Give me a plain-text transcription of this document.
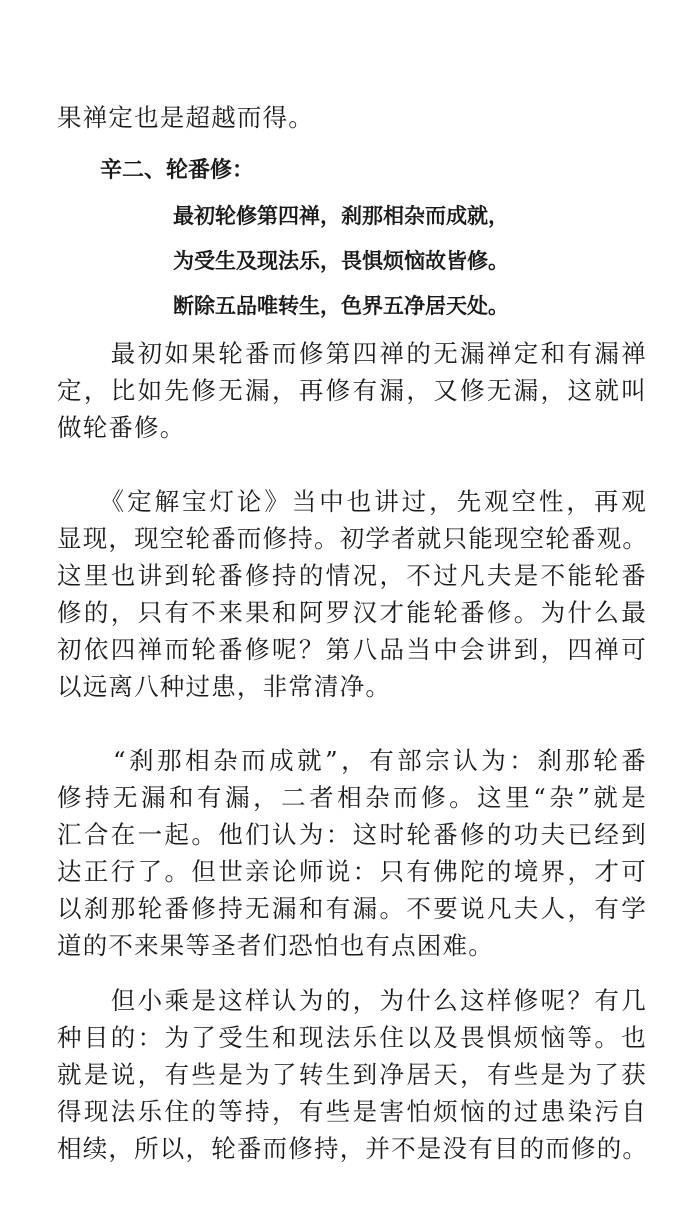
果禅定也是超越而得。
辛二、轮番修：
最初轮修第四禅，刹那相杂而成就，
为受生及现法乐，畏惧烦恼故皆修。
断除五品唯转生，色界五净居天处。
　　最初如果轮番而修第四禅的无漏禅定和有漏禅
定，比如先修无漏，再修有漏，又修无漏，这就叫
做轮番修。
　　《定解宝灯论》当中也讲过，先观空性，再观
显现，现空轮番而修持。初学者就只能现空轮番观。
这里也讲到轮番修持的情况，不过凡夫是不能轮番
修的，只有不来果和阿罗汉才能轮番修。为什么最
初依四禅而轮番修呢？第八品当中会讲到，四禅可
以远离八种过患，非常清净。
　　“刹那相杂而成就”，有部宗认为：刹那轮番
修持无漏和有漏，二者相杂而修。这里“杂”就是
汇合在一起。他们认为：这时轮番修的功夫已经到
达正行了。但世亲论师说：只有佛陀的境界，才可
以刹那轮番修持无漏和有漏。不要说凡夫人，有学
道的不来果等圣者们恐怕也有点困难。
　　但小乘是这样认为的，为什么这样修呢？有几
种目的：为了受生和现法乐住以及畏惧烦恼等。也
就是说，有些是为了转生到净居天，有些是为了获
得现法乐住的等持，有些是害怕烦恼的过患染污自
相续，所以，轮番而修持，并不是没有目的而修的。
